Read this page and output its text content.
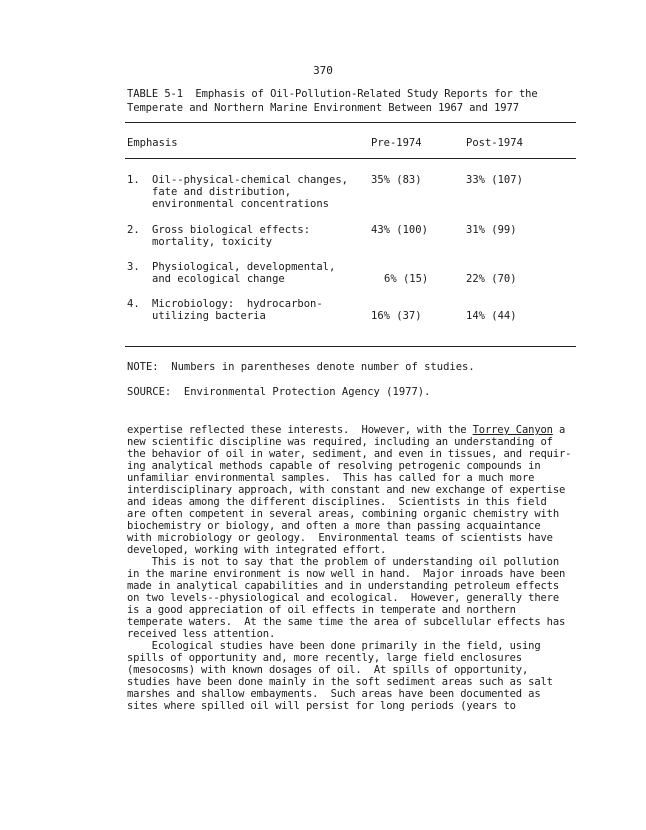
370
TABLE 5-1  Emphasis of Oil-Pollution-Related Study Reports for the
Temperate and Northern Marine Environment Between 1967 and 1977
Emphasis	Pre-1974	Post-1974
1. Oil--physical-chemical changes,
fate and distribution,
environmental concentrations
35% (83)	33% (107)
2. Gross biological effects:
mortality, toxicity
43% (100)	31% (99)
3. Physiological, developmental,
and ecological change	6% (15)	22% (70)
4. Microbiology:  hydrocarbon-
utilizing bacteria	16% (37)	14% (44)
NOTE:  Numbers in parentheses denote number of studies.
SOURCE:  Environmental Protection Agency (1977).
expertise reflected these interests.  However, with the Torrey Canyon a
new scientific discipline was required, including an understanding of
the behavior of oil in water, sediment, and even in tissues, and requir-
ing analytical methods capable of resolving petrogenic compounds in
unfamiliar environmental samples.  This has called for a much more
interdisciplinary approach, with constant and new exchange of expertise
and ideas among the different disciplines.  Scientists in this field
are often competent in several areas, combining organic chemistry with
biochemistry or biology, and often a more than passing acquaintance
with microbiology or geology.  Environmental teams of scientists have
developed, working with integrated effort.
This is not to say that the problem of understanding oil pollution
in the marine environment is now well in hand.  Major inroads have been
made in analytical capabilities and in understanding petroleum effects
on two levels--physiological and ecological.  However, generally there
is a good appreciation of oil effects in temperate and northern
temperate waters.  At the same time the area of subcellular effects has
received less attention.
Ecological studies have been done primarily in the field, using
spills of opportunity and, more recently, large field enclosures
(mesocosms) with known dosages of oil.  At spills of opportunity,
studies have been done mainly in the soft sediment areas such as salt
marshes and shallow embayments.  Such areas have been documented as
sites where spilled oil will persist for long periods (years to
